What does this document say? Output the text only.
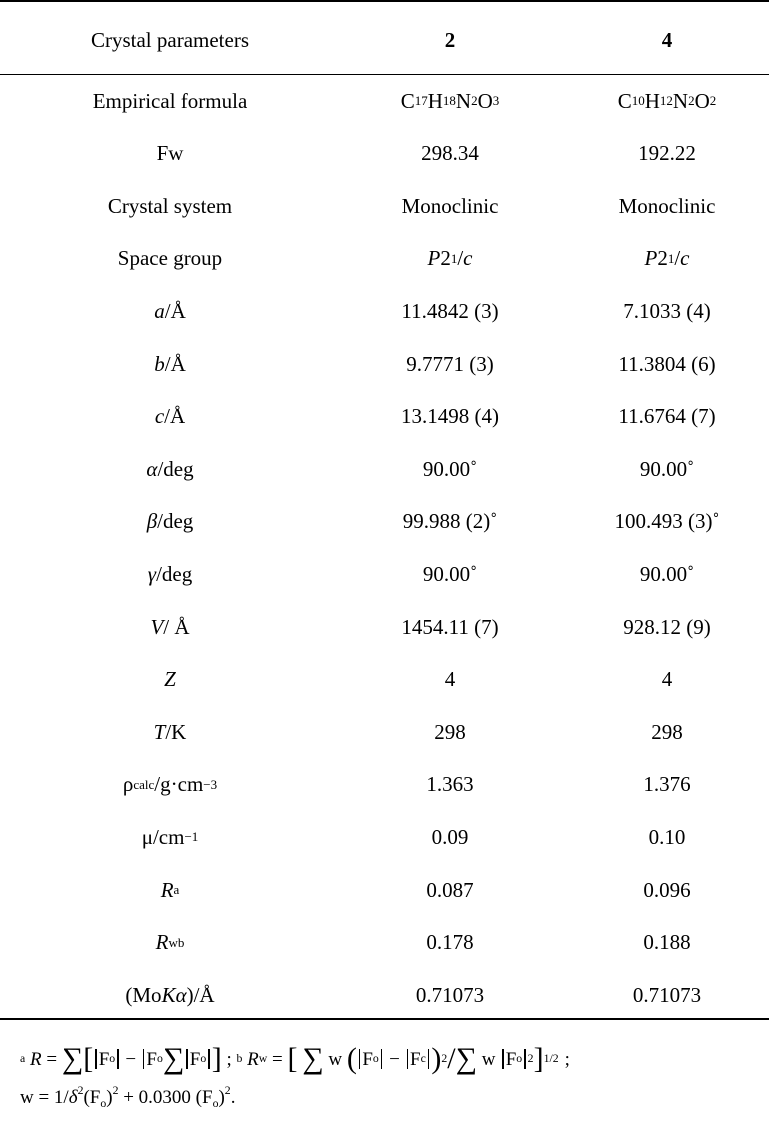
Crystal parameters	2	4
Empirical formula	C 17 H 18 N 2 O 3	C 10 H 12 N 2 O 2
Fw	298.34	192.22
Crystal system	Monoclinic	Monoclinic
Space group	P 2 1 / c	P 2 1 / c
a /Å	11.4842 (3)	7.1033 (4)
b /Å	9.7771 (3)	11.3804 (6)
c /Å	13.1498 (4)	11.6764 (7)
α /deg	90.00˚	90.00˚
β /deg	99.988 (2)˚	100.493 (3)˚
γ /deg	90.00˚	90.00˚
V / Å	1454.11 (7)	928.12 (9)
Z	4	4
T /K	298	298
ρ calc /g·cm −3	1.363	1.376
μ/cm −1	0.09	0.10
R a	0.087	0.096
R w b	0.178	0.188
(Mo Kα )/Å	0.71073	0.71073
a
R = ∑ [ F o −
F o ∑ F o ] ; b
R w = [
∑ w ( F o −
F c ) 2 / ∑ w
F o 2 ] 1/2 ;
$w = 1/\delta^2(F_o)^2 + 0.0300$ $(F_o)^2$.
